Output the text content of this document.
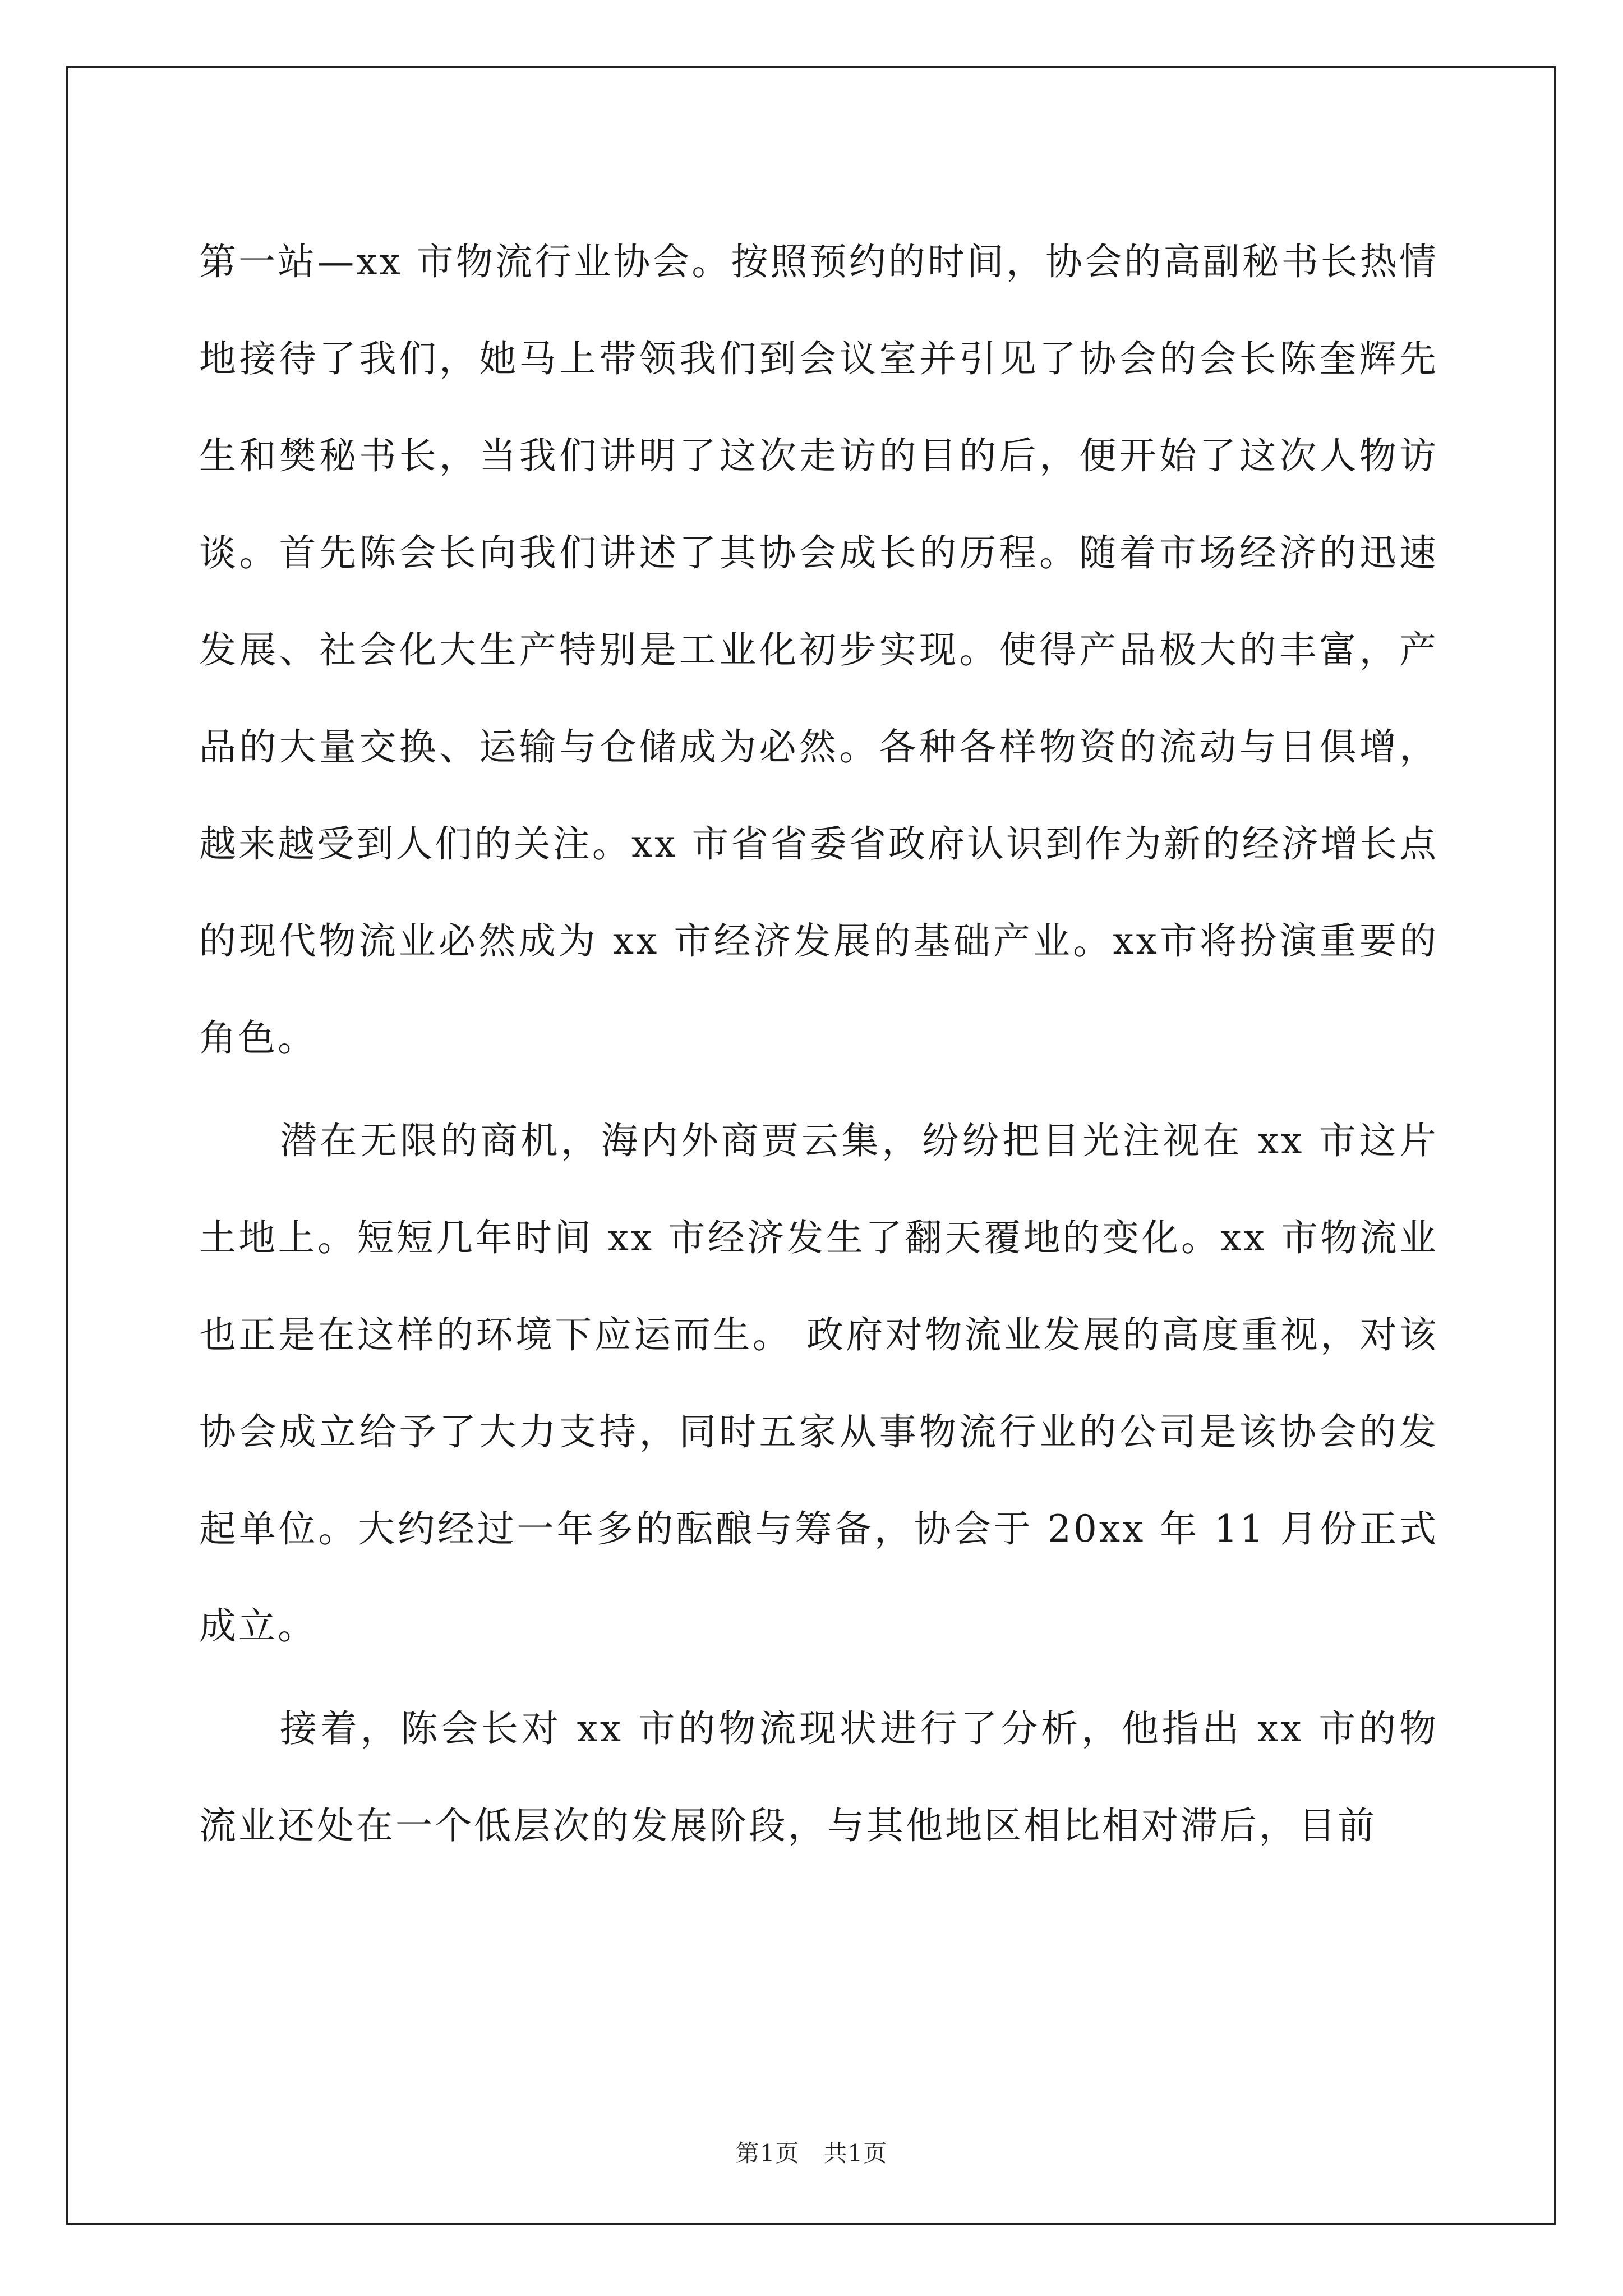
第一站—xx 市物流行业协会。按照预约的时间，协会的高副秘书长热情地接待了我们，她马上带领我们到会议室并引见了协会的会长陈奎辉先生和樊秘书长，当我们讲明了这次走访的目的后，便开始了这次人物访谈。首先陈会长向我们讲述了其协会成长的历程。随着市场经济的迅速发展、社会化大生产特别是工业化初步实现。使得产品极大的丰富，产品的大量交换、运输与仓储成为必然。各种各样物资的流动与日俱增，越来越受到人们的关注。xx 市省省委省政府认识到作为新的经济增长点的现代物流业必然成为 xx 市经济发展的基础产业。xx市将扮演重要的角色。

潜在无限的商机，海内外商贾云集，纷纷把目光注视在 xx 市这片土地上。短短几年时间 xx 市经济发生了翻天覆地的变化。xx 市物流业也正是在这样的环境下应运而生。 政府对物流业发展的高度重视，对该协会成立给予了大力支持，同时五家从事物流行业的公司是该协会的发起单位。大约经过一年多的酝酿与筹备，协会于 20xx 年 11 月份正式成立。

接着，陈会长对 xx 市的物流现状进行了分析，他指出 xx 市的物流业还处在一个低层次的发展阶段，与其他地区相比相对滞后，目前

第1页　共1页
